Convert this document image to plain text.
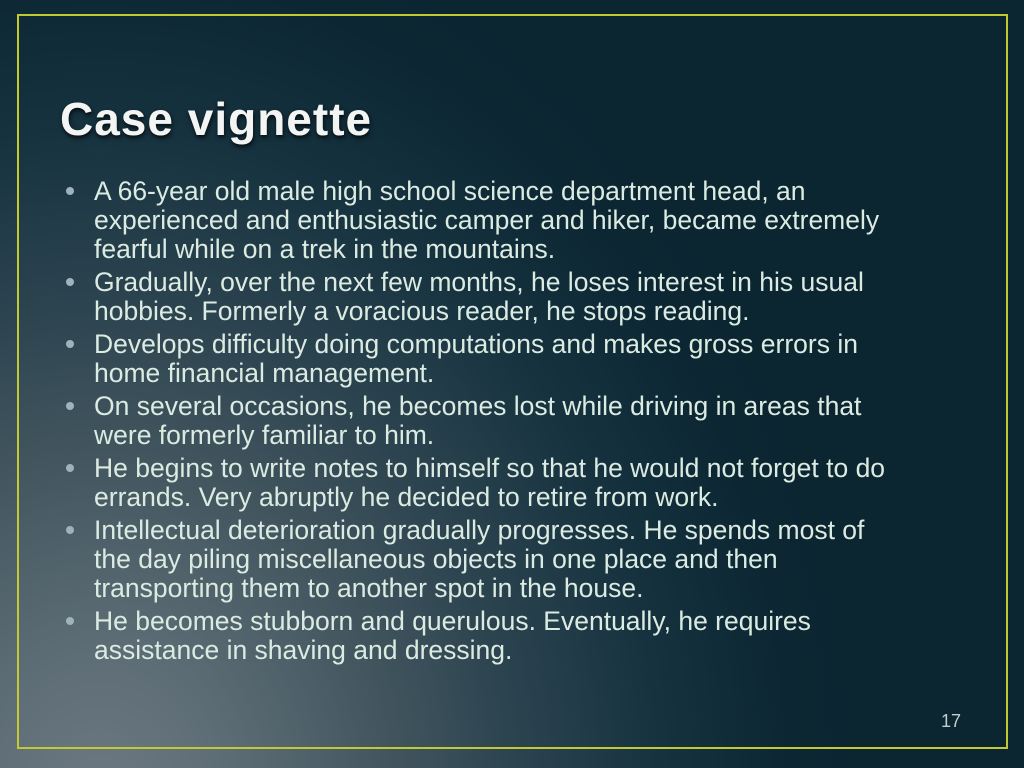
Case vignette
A 66-year old male high school science department head, an
experienced and enthusiastic camper and hiker, became extremely
fearful while on a trek in the mountains.
Gradually, over the next few months, he loses interest in his usual
hobbies. Formerly a voracious reader, he stops reading.
Develops difficulty doing computations and makes gross errors in
home financial management.
On several occasions, he becomes lost while driving in areas that
were formerly familiar to him.
He begins to write notes to himself so that he would not forget to do
errands. Very abruptly he decided to retire from work.
Intellectual deterioration gradually progresses. He spends most of
the day piling miscellaneous objects in one place and then
transporting them to another spot in the house.
He becomes stubborn and querulous. Eventually, he requires
assistance in shaving and dressing.
17
